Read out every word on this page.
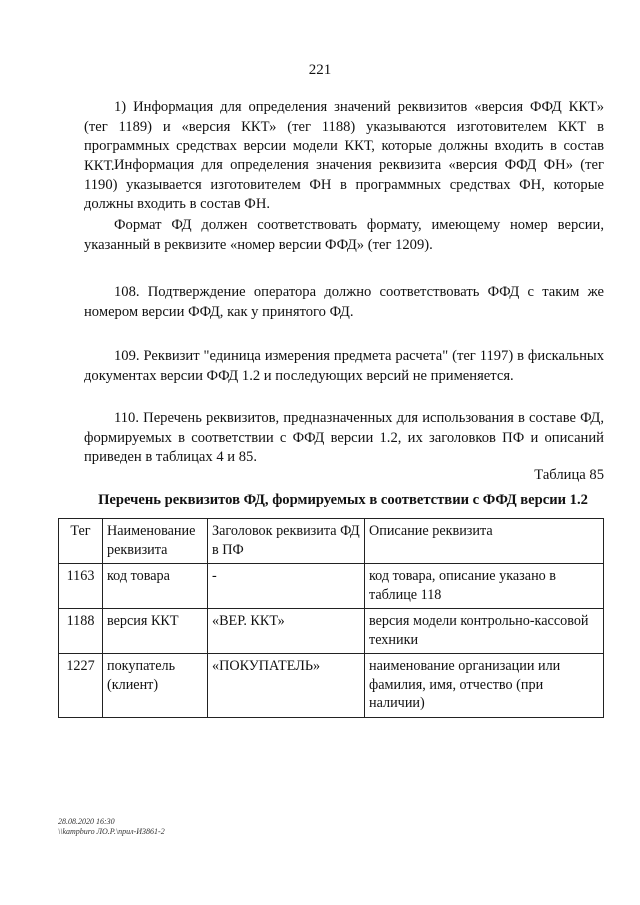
221

1) Информация для определения значений реквизитов «версия ФФД ККТ» (тег 1189) и «версия ККТ» (тег 1188) указываются изготовителем ККТ в программных средствах версии модели ККТ, которые должны входить в состав ККТ. Информация для определения значения реквизита «версия ФФД ФН» (тег 1190) указывается изготовителем ФН в программных средствах ФН, которые должны входить в состав ФН.

Формат ФД должен соответствовать формату, имеющему номер версии, указанный в реквизите «номер версии ФФД» (тег 1209).

108. Подтверждение оператора должно соответствовать ФФД с таким же номером версии ФФД, как у принятого ФД.

109. Реквизит "единица измерения предмета расчета" (тег 1197) в фискальных документах версии ФФД 1.2 и последующих версий не применяется.

110. Перечень реквизитов, предназначенных для использования в составе ФД, формируемых в соответствии с ФФД версии 1.2, их заголовков ПФ и описаний приведен в таблицах 4 и 85.

Таблица 85
Перечень реквизитов ФД, формируемых в соответствии с ФФД версии 1.2
Тег	Наименование реквизита	Заголовок реквизита ФД в ПФ	Описание реквизита
1163	код товара	-	код товара, описание указано в таблице 118
1188	версия ККТ	«ВЕР. ККТ»	версия модели контрольно-кассовой техники
1227	покупатель (клиент)	«ПОКУПАТЕЛЬ»	наименование организации или фамилия, имя, отчество (при наличии)
28.08.2020 16:30
\\kampburo ЛО.Р.\прил-И3861-2
